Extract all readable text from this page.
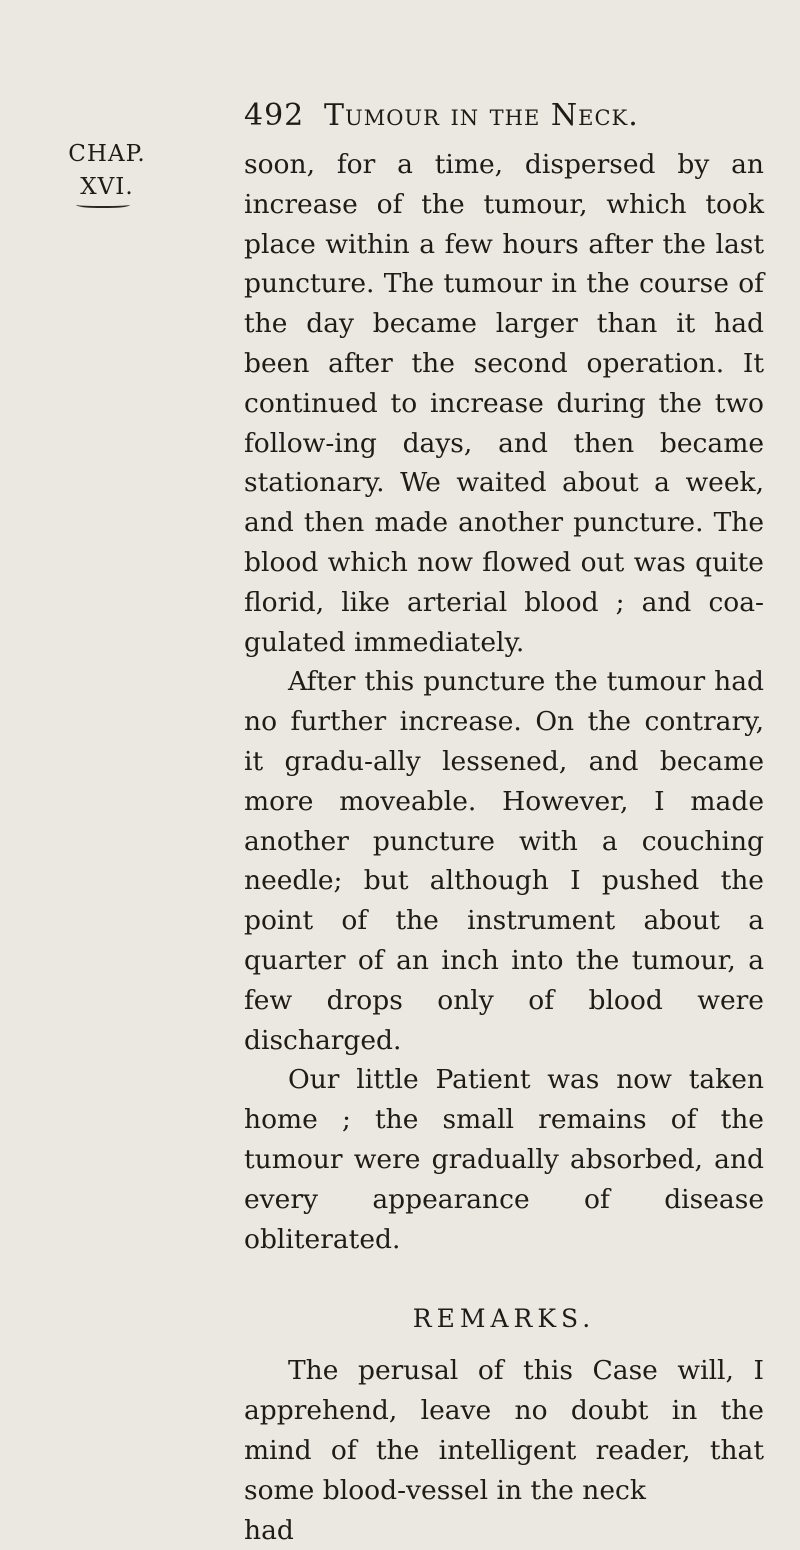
492 Tumour in the Neck.
CHAP.
XVI.

soon, for a time, dispersed by an increase of the tumour, which took place within a few hours after the last puncture. The tumour in the course of the day became larger than it had been after the second operation. It continued to increase during the two follow-ing days, and then became stationary. We waited about a week, and then made another puncture. The blood which now flowed out was quite florid, like arterial blood ; and coa-gulated immediately.

After this puncture the tumour had no further increase. On the contrary, it gradu-ally lessened, and became more moveable. However, I made another puncture with a couching needle; but although I pushed the point of the instrument about a quarter of an inch into the tumour, a few drops only of blood were discharged.

Our little Patient was now taken home ; the small remains of the tumour were gradually absorbed, and every appearance of disease obliterated.

REMARKS.

The perusal of this Case will, I apprehend, leave no doubt in the mind of the intelligent reader, that some blood-vessel in the neck

had
